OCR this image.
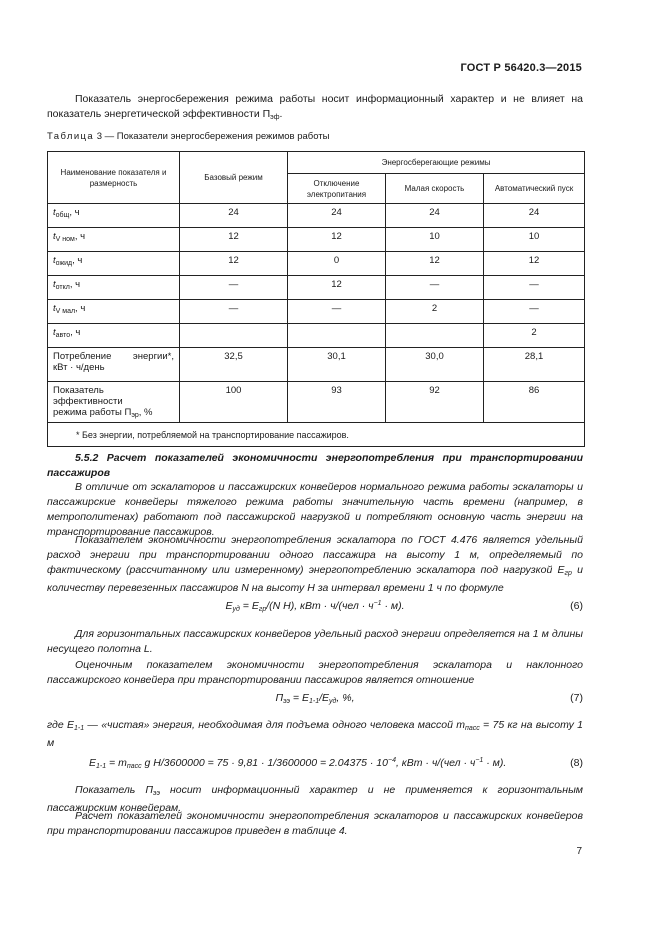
ГОСТ Р 56420.3—2015
Показатель энергосбережения режима работы носит информационный характер и не влияет на показатель энергетической эффективности $П_{эф}$.
Таблица 3 — Показатели энергосбережения режимов работы
Наименование показателя и размерность	Базовый режим	Энергосберегающие режимы		
		Отключение электропитания	Малая скорость	Автоматический пуск
$t_{общ}$, ч	24	24	24	24
$t_{V ном}$, ч	12	12	10	10
$t_{ожид}$, ч	12	0	12	12
$t_{откл}$, ч	—	12	—	—
$t_{V мал}$, ч	—	—	2	—
$t_{авто}$, ч				2

Потребление энергии*,
кВт · ч/день	32,5	30,1	30,0	28,1

Показатель эффективности
режима работы $П_{эр}$, %	100	93	92	86
* Без энергии, потребляемой на транспортирование пассажиров.				
5.5.2 Расчет показателей экономичности энергопотребления при транспортировании пассажиров
В отличие от эскалаторов и пассажирских конвейеров нормального режима работы эскалаторы и пассажирские конвейеры тяжелого режима работы значительную часть времени (например, в метрополитенах) работают под пассажирской нагрузкой и потребляют основную часть энергии на транспортирование пассажиров.
Показателем экономичности энергопотребления эскалатора по ГОСТ 4.476 является удельный расход энергии при транспортировании одного пассажира на высоту 1 м, определяемый по фактическому (рассчитанному или измеренному) энергопотреблению эскалатора под нагрузкой $E_{гр}$ и количеству перевезенных пассажиров N на высоту H за интервал времени 1 ч по формуле
$E_{уд} = E_{гр}/(N$ H), кВт · $ч/(чел \cdot ч^{-1} \cdot м)$.	(6)
Для горизонтальных пассажирских конвейеров удельный расход энергии определяется на 1 м длины несущего полотна L.
Оценочным показателем экономичности энергопотребления эскалатора и наклонного пассажирского конвейера при транспортировании пассажиров является отношение
$П_{ээ} = E_{1-1}/E_{уд}$, %,	(7)
где $E_{1-1}$ — «чистая» энергия, необходимая для подъема одного человека массой $m_{пасс} = 75$ кг на высоту 1 м
$E_{1-1} = m_{пасс}$ g $H/3600000 = 75 \cdot 9,81 \cdot 1/3600000 = 2.04375 \cdot 10^{-4}$, кВт · $ч/(чел \cdot ч^{-1} \cdot м)$.	(8)
Показатель $П_{ээ}$ носит информационный характер и не применяется к горизонтальным пассажирским конвейерам.
Расчет показателей экономичности энергопотребления эскалаторов и пассажирских конвейеров при транспортировании пассажиров приведен в таблице 4.
7
